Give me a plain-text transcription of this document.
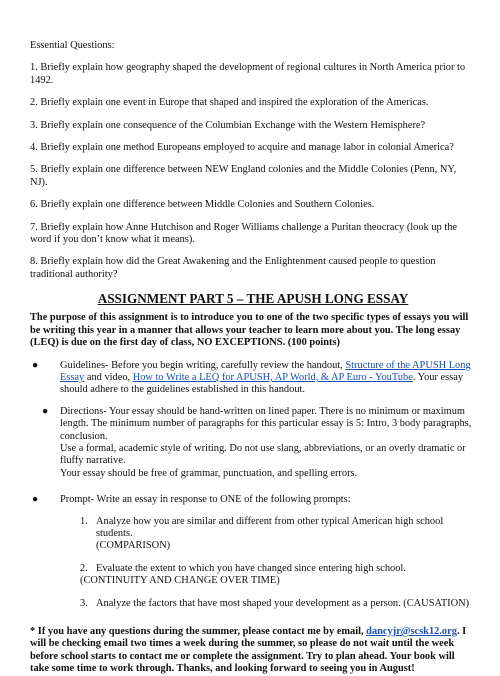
Essential Questions:

1. Briefly explain how geography shaped the development of regional cultures in North America prior to 1492.

2. Briefly explain one event in Europe that shaped and inspired the exploration of the Americas.

3. Briefly explain one consequence of the Columbian Exchange with the Western Hemisphere?

4. Briefly explain one method Europeans employed to acquire and manage labor in colonial America?

5. Briefly explain one difference between NEW England colonies and the Middle Colonies (Penn, NY, NJ).

6. Briefly explain one difference between Middle Colonies and Southern Colonies.

7. Briefly explain how Anne Hutchison and Roger Williams challenge a Puritan theocracy (look up the word if you don’t know what it means).

8. Briefly explain how did the Great Awakening and the Enlightenment caused people to question traditional authority?

ASSIGNMENT PART 5 – THE APUSH LONG ESSAY

The purpose of this assignment is to introduce you to one of the two specific types of essays you will be writing this year in a manner that allows your teacher to learn more about you. The long essay (LEQ) is due on the first day of class, NO EXCEPTIONS. (100 points)

●	Guidelines- Before you begin writing, carefully review the handout, Structure of the APUSH Long Essay and video, How to Write a LEQ for APUSH, AP World, & AP Euro - YouTube. Your essay should adhere to the guidelines established in this handout.
●	Directions- Your essay should be hand-written on lined paper. There is no minimum or maximum length. The minimum number of paragraphs for this particular essay is 5: Intro, 3 body paragraphs, conclusion.

Use a formal, academic style of writing. Do not use slang, abbreviations, or an overly dramatic or fluffy narrative.

Your essay should be free of grammar, punctuation, and spelling errors.

●	Prompt- Write an essay in response to ONE of the following prompts:
1. Analyze how you are similar and different from other typical American high school students.

(COMPARISON)

2. Evaluate the extent to which you have changed since entering high school.

(CONTINUITY AND CHANGE OVER TIME)

3. Analyze the factors that have most shaped your development as a person. (CAUSATION)

* If you have any questions during the summer, please contact me by email, dancyjr@scsk12.org. I will be checking email two times a week during the summer, so please do not wait until the week before school starts to contact me or complete the assignment. Try to plan ahead. Your book will take some time to work through. Thanks, and looking forward to seeing you in August!
